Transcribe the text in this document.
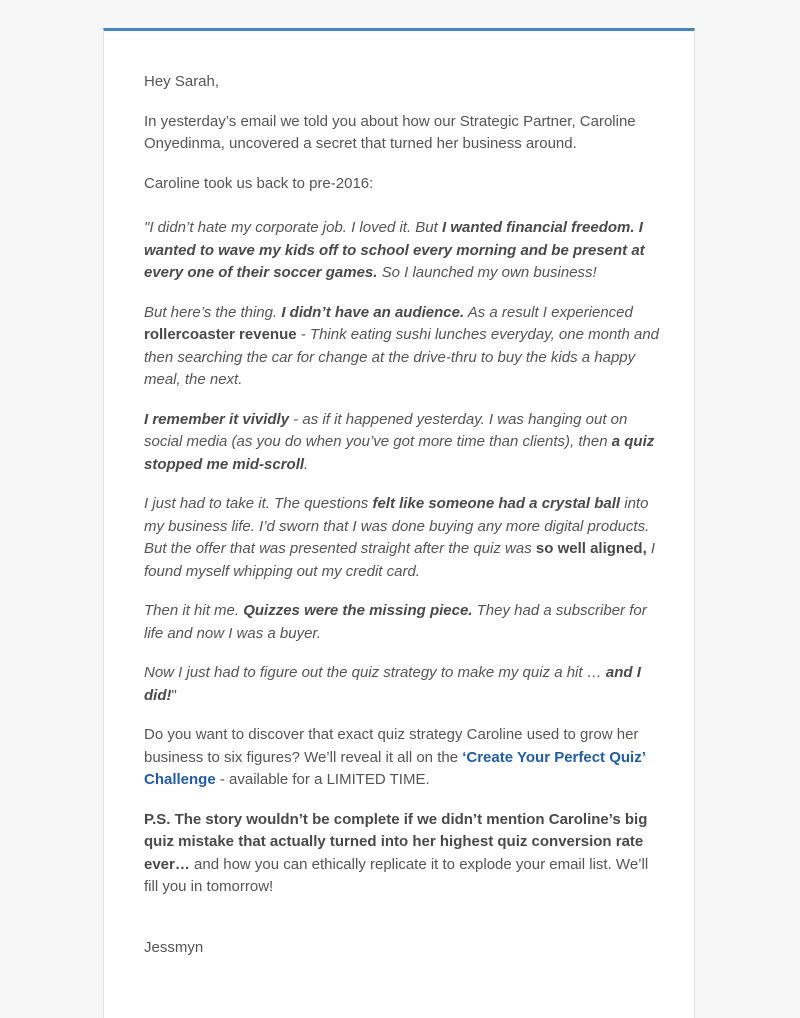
Hey Sarah,

In yesterday’s email we told you about how our Strategic Partner, Caroline Onyedinma, uncovered a secret that turned her business around.

Caroline took us back to pre-2016:

"I didn’t hate my corporate job. I loved it. But I wanted financial freedom. I wanted to wave my kids off to school every morning and be present at every one of their soccer games. So I launched my own business!

But here’s the thing. I didn’t have an audience. As a result I experienced rollercoaster revenue - Think eating sushi lunches everyday, one month and then searching the car for change at the drive-thru to buy the kids a happy meal, the next.

I remember it vividly - as if it happened yesterday. I was hanging out on social media (as you do when you’ve got more time than clients), then a quiz stopped me mid-scroll.

I just had to take it. The questions felt like someone had a crystal ball into my business life. I’d sworn that I was done buying any more digital products. But the offer that was presented straight after the quiz was so well aligned, I found myself whipping out my credit card.

Then it hit me. Quizzes were the missing piece. They had a subscriber for life and now I was a buyer.

Now I just had to figure out the quiz strategy to make my quiz a hit … and I did!"

Do you want to discover that exact quiz strategy Caroline used to grow her business to six figures? We’ll reveal it all on the ‘Create Your Perfect Quiz’ Challenge - available for a LIMITED TIME.

P.S. The story wouldn’t be complete if we didn’t mention Caroline’s big quiz mistake that actually turned into her highest quiz conversion rate ever… and how you can ethically replicate it to explode your email list. We’ll fill you in tomorrow!

Jessmyn
